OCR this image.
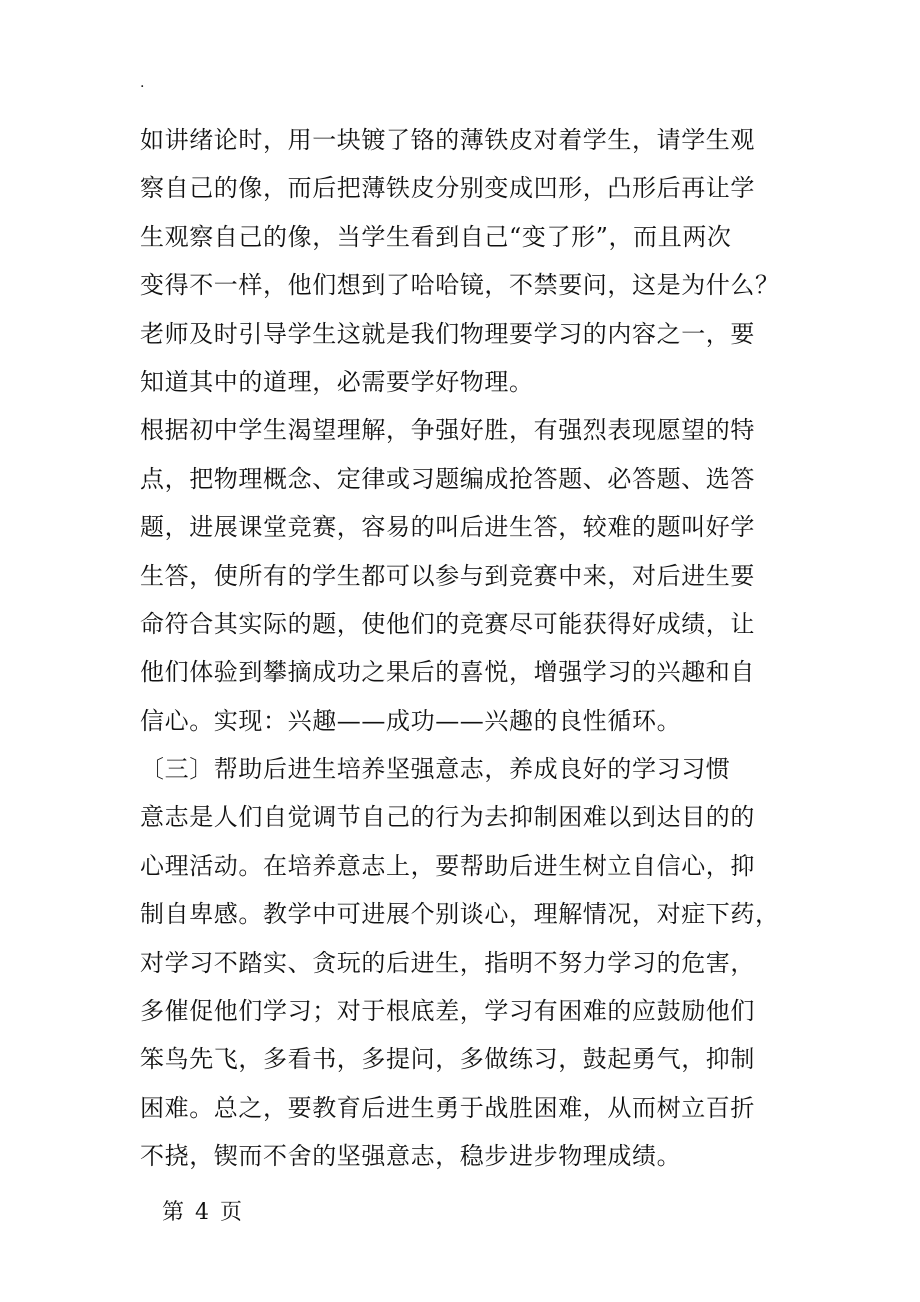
.
如讲绪论时，用一块镀了铬的薄铁皮对着学生，请学生观
察自己的像，而后把薄铁皮分别变成凹形，凸形后再让学
生观察自己的像，当学生看到自己“变了形”，而且两次
变得不一样，他们想到了哈哈镜，不禁要问，这是为什么？
老师及时引导学生这就是我们物理要学习的内容之一，要
知道其中的道理，必需要学好物理。
根据初中学生渴望理解，争强好胜，有强烈表现愿望的特
点，把物理概念、定律或习题编成抢答题、必答题、选答
题，进展课堂竞赛，容易的叫后进生答，较难的题叫好学
生答，使所有的学生都可以参与到竞赛中来，对后进生要
命符合其实际的题，使他们的竞赛尽可能获得好成绩，让
他们体验到攀摘成功之果后的喜悦，增强学习的兴趣和自
信心。实现：兴趣——成功——兴趣的良性循环。
〔三〕帮助后进生培养坚强意志，养成良好的学习习惯
意志是人们自觉调节自己的行为去抑制困难以到达目的的
心理活动。在培养意志上，要帮助后进生树立自信心，抑
制自卑感。教学中可进展个别谈心，理解情况，对症下药，
对学习不踏实、贪玩的后进生，指明不努力学习的危害，
多催促他们学习；对于根底差，学习有困难的应鼓励他们
笨鸟先飞，多看书，多提问，多做练习，鼓起勇气，抑制
困难。总之，要教育后进生勇于战胜困难，从而树立百折
不挠，锲而不舍的坚强意志，稳步进步物理成绩。
第 4 页
